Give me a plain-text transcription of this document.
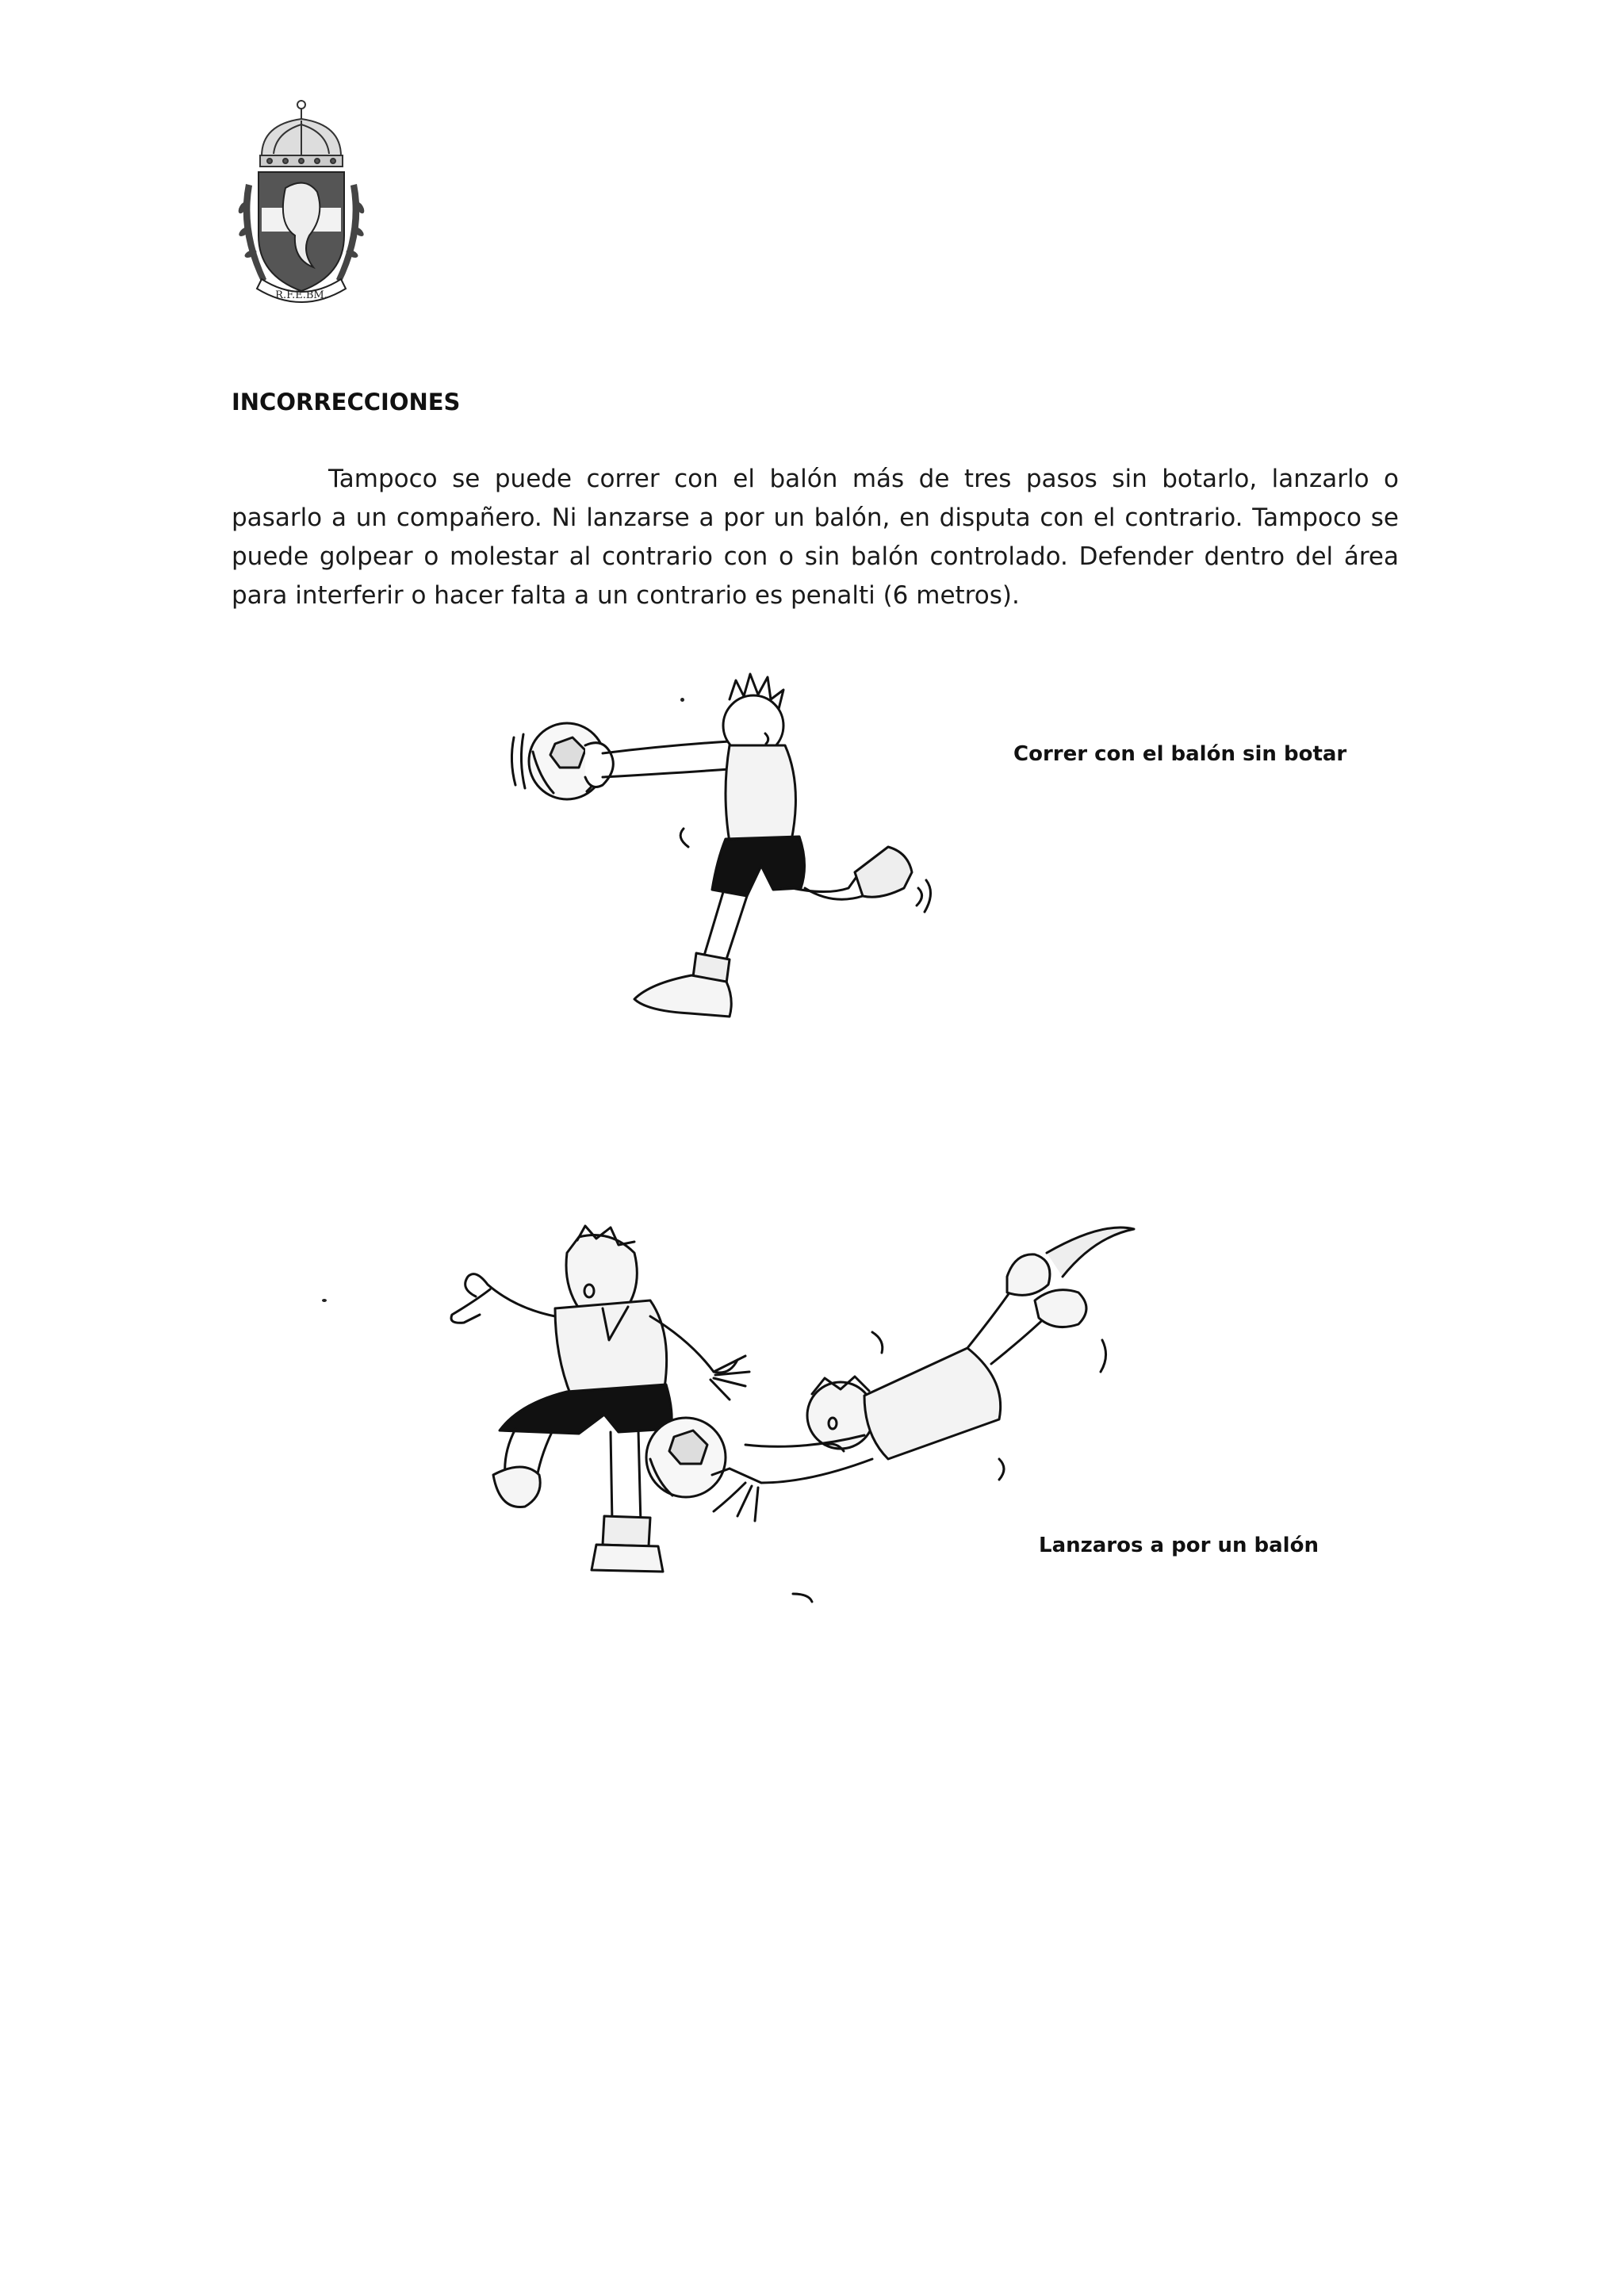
R.F.E.BM.
INCORRECCIONES

Tampoco se puede correr con el balón más de tres pasos sin botarlo, lanzarlo o pasarlo a un compañero. Ni lanzarse a por un balón, en disputa con el contrario. Tampoco se puede golpear o molestar al contrario con o sin balón controlado. Defender dentro del área para interferir o hacer falta a un contrario es penalti (6 metros).

Correr con el balón sin botar

Lanzaros a por un balón
